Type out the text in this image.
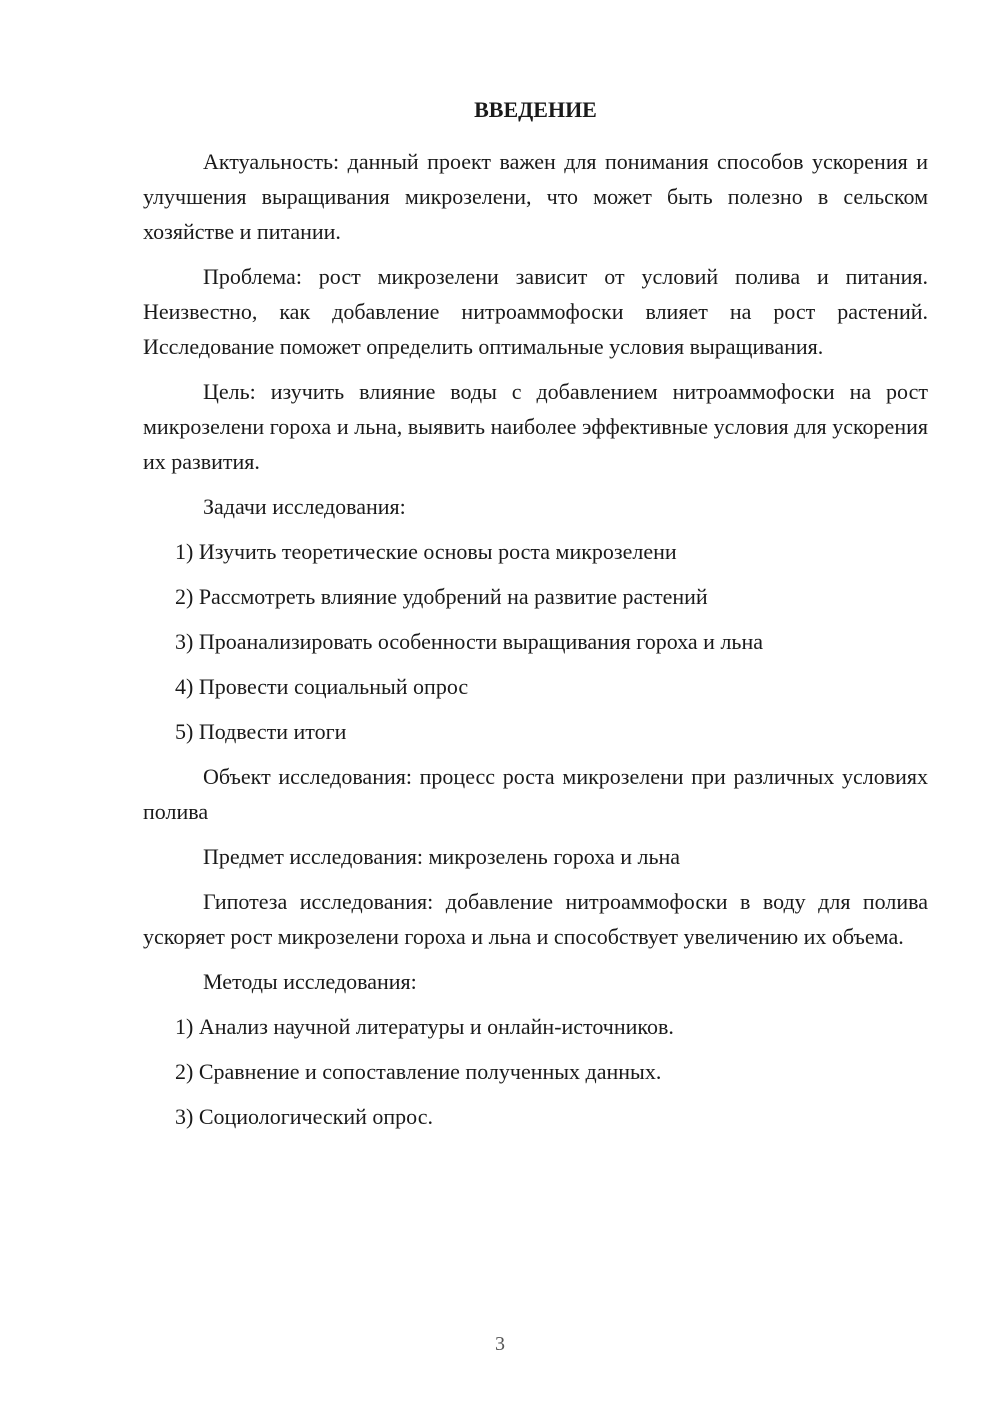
ВВЕДЕНИЕ

Актуальность: данный проект важен для понимания способов ускорения и улучшения выращивания микрозелени, что может быть полезно в сельском хозяйстве и питании.

Проблема: рост микрозелени зависит от условий полива и питания. Неизвестно, как добавление нитроаммофоски влияет на рост растений. Исследование поможет определить оптимальные условия выращивания.

Цель: изучить влияние воды с добавлением нитроаммофоски на рост микрозелени гороха и льна, выявить наиболее эффективные условия для ускорения их развития.

Задачи исследования:

1) Изучить теоретические основы роста микрозелени

2) Рассмотреть влияние удобрений на развитие растений

3) Проанализировать особенности выращивания гороха и льна

4) Провести социальный опрос

5) Подвести итоги

Объект исследования: процесс роста микрозелени при различных условиях полива

Предмет исследования: микрозелень гороха и льна

Гипотеза исследования: добавление нитроаммофоски в воду для полива ускоряет рост микрозелени гороха и льна и способствует увеличению их объема.

Методы исследования:

1) Анализ научной литературы и онлайн-источников.

2) Сравнение и сопоставление полученных данных.

3) Социологический опрос.

3
